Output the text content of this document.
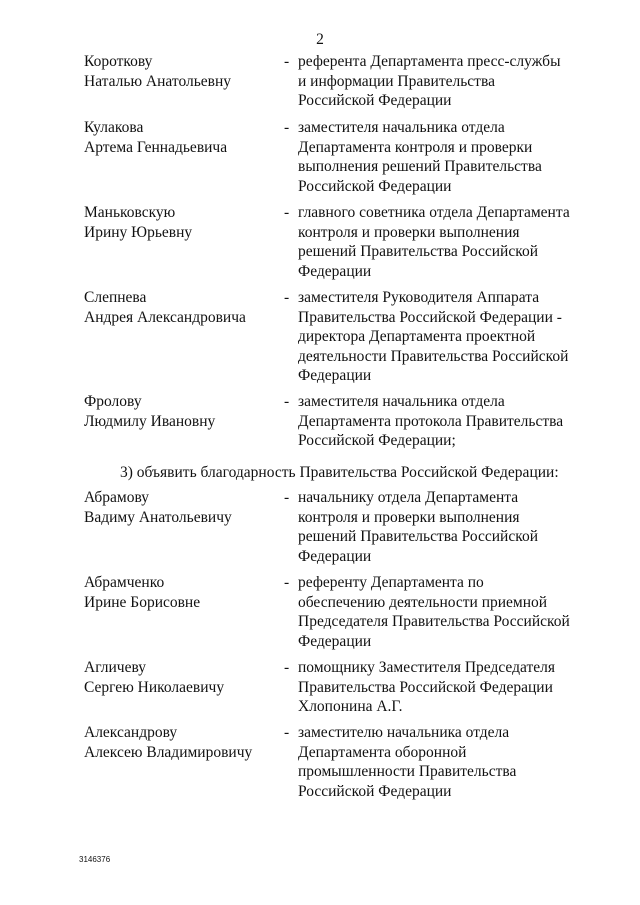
2
Короткову
Наталью Анатольевну
- референта Департамента пресс-службы
и информации Правительства
Российской Федерации
Кулакова
Артема Геннадьевича
- заместителя начальника отдела
Департамента контроля и проверки
выполнения решений Правительства
Российской Федерации
Маньковскую
Ирину Юрьевну
- главного советника отдела Департамента
контроля и проверки выполнения
решений Правительства Российской
Федерации
Слепнева
Андрея Александровича
- заместителя Руководителя Аппарата
Правительства Российской Федерации -
директора Департамента проектной
деятельности Правительства Российской
Федерации
Фролову
Людмилу Ивановну
- заместителя начальника отдела
Департамента протокола Правительства
Российской Федерации;
3) объявить благодарность Правительства Российской Федерации:
Абрамову
Вадиму Анатольевичу
- начальнику отдела Департамента
контроля и проверки выполнения
решений Правительства Российской
Федерации
Абрамченко
Ирине Борисовне
- референту Департамента по
обеспечению деятельности приемной
Председателя Правительства Российской
Федерации
Агличеву
Сергею Николаевичу
- помощнику Заместителя Председателя
Правительства Российской Федерации
Хлопонина А.Г.
Александрову
Алексею Владимировичу
- заместителю начальника отдела
Департамента оборонной
промышленности Правительства
Российской Федерации
3146376
